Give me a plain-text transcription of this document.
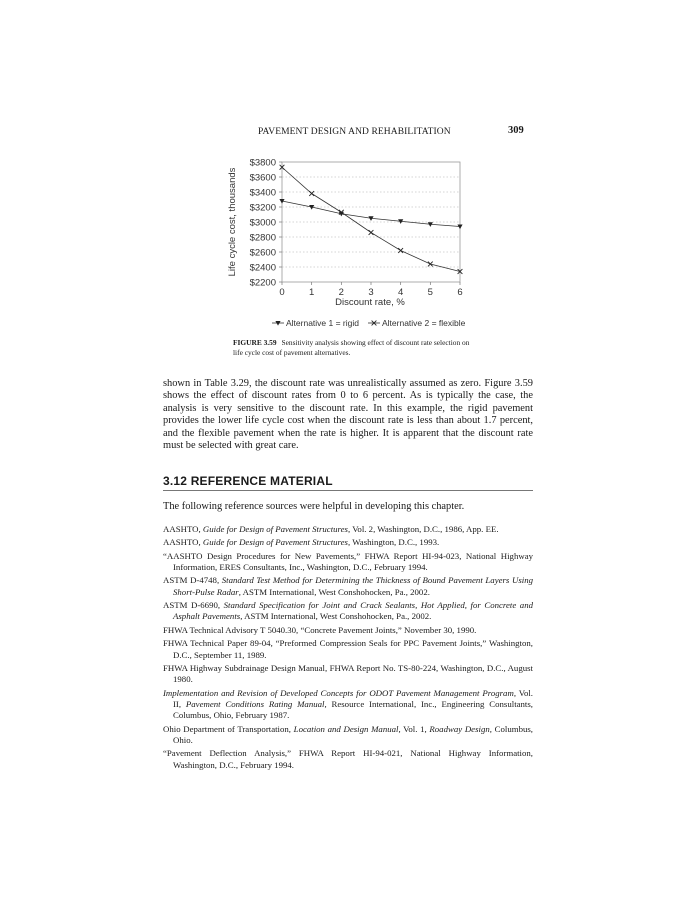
PAVEMENT DESIGN AND REHABILITATION	309
$3800
$3600
$3400
$3200
$3000
$2800
$2600
$2400
$2200
0	1	2	3	4	5	6
Life cycle cost, thousands
Discount rate, %
Alternative 1 = rigid	Alternative 2 = flexible
FIGURE 3.59 Sensitivity analysis showing effect of discount rate selection on life cycle cost of pavement alternatives.
shown in Table 3.29, the discount rate was unrealistically assumed as zero. Figure 3.59 shows the effect of discount rates from 0 to 6 percent. As is typically the case, the analysis is very sensitive to the discount rate. In this example, the rigid pavement provides the lower life cycle cost when the discount rate is less than about 1.7 percent, and the flexible pavement when the rate is higher. It is apparent that the discount rate must be selected with great care.
3.12 REFERENCE MATERIAL
The following reference sources were helpful in developing this chapter.
AASHTO, Guide for Design of Pavement Structures, Vol. 2, Washington, D.C., 1986, App. EE.
AASHTO, Guide for Design of Pavement Structures, Washington, D.C., 1993.
“AASHTO Design Procedures for New Pavements,” FHWA Report HI-94-023, National Highway Information, ERES Consultants, Inc., Washington, D.C., February 1994.
ASTM D-4748, Standard Test Method for Determining the Thickness of Bound Pavement Layers Using Short-Pulse Radar, ASTM International, West Conshohocken, Pa., 2002.
ASTM D-6690, Standard Specification for Joint and Crack Sealants, Hot Applied, for Concrete and Asphalt Pavements, ASTM International, West Conshohocken, Pa., 2002.
FHWA Technical Advisory T 5040.30, “Concrete Pavement Joints,” November 30, 1990.
FHWA Technical Paper 89-04, “Preformed Compression Seals for PPC Pavement Joints,” Washington, D.C., September 11, 1989.
FHWA Highway Subdrainage Design Manual, FHWA Report No. TS-80-224, Washington, D.C., August 1980.
Implementation and Revision of Developed Concepts for ODOT Pavement Management Program, Vol. II, Pavement Conditions Rating Manual, Resource International, Inc., Engineering Consultants, Columbus, Ohio, February 1987.
Ohio Department of Transportation, Location and Design Manual, Vol. 1, Roadway Design, Columbus, Ohio.
“Pavement Deflection Analysis,” FHWA Report HI-94-021, National Highway Information, Washington, D.C., February 1994.
